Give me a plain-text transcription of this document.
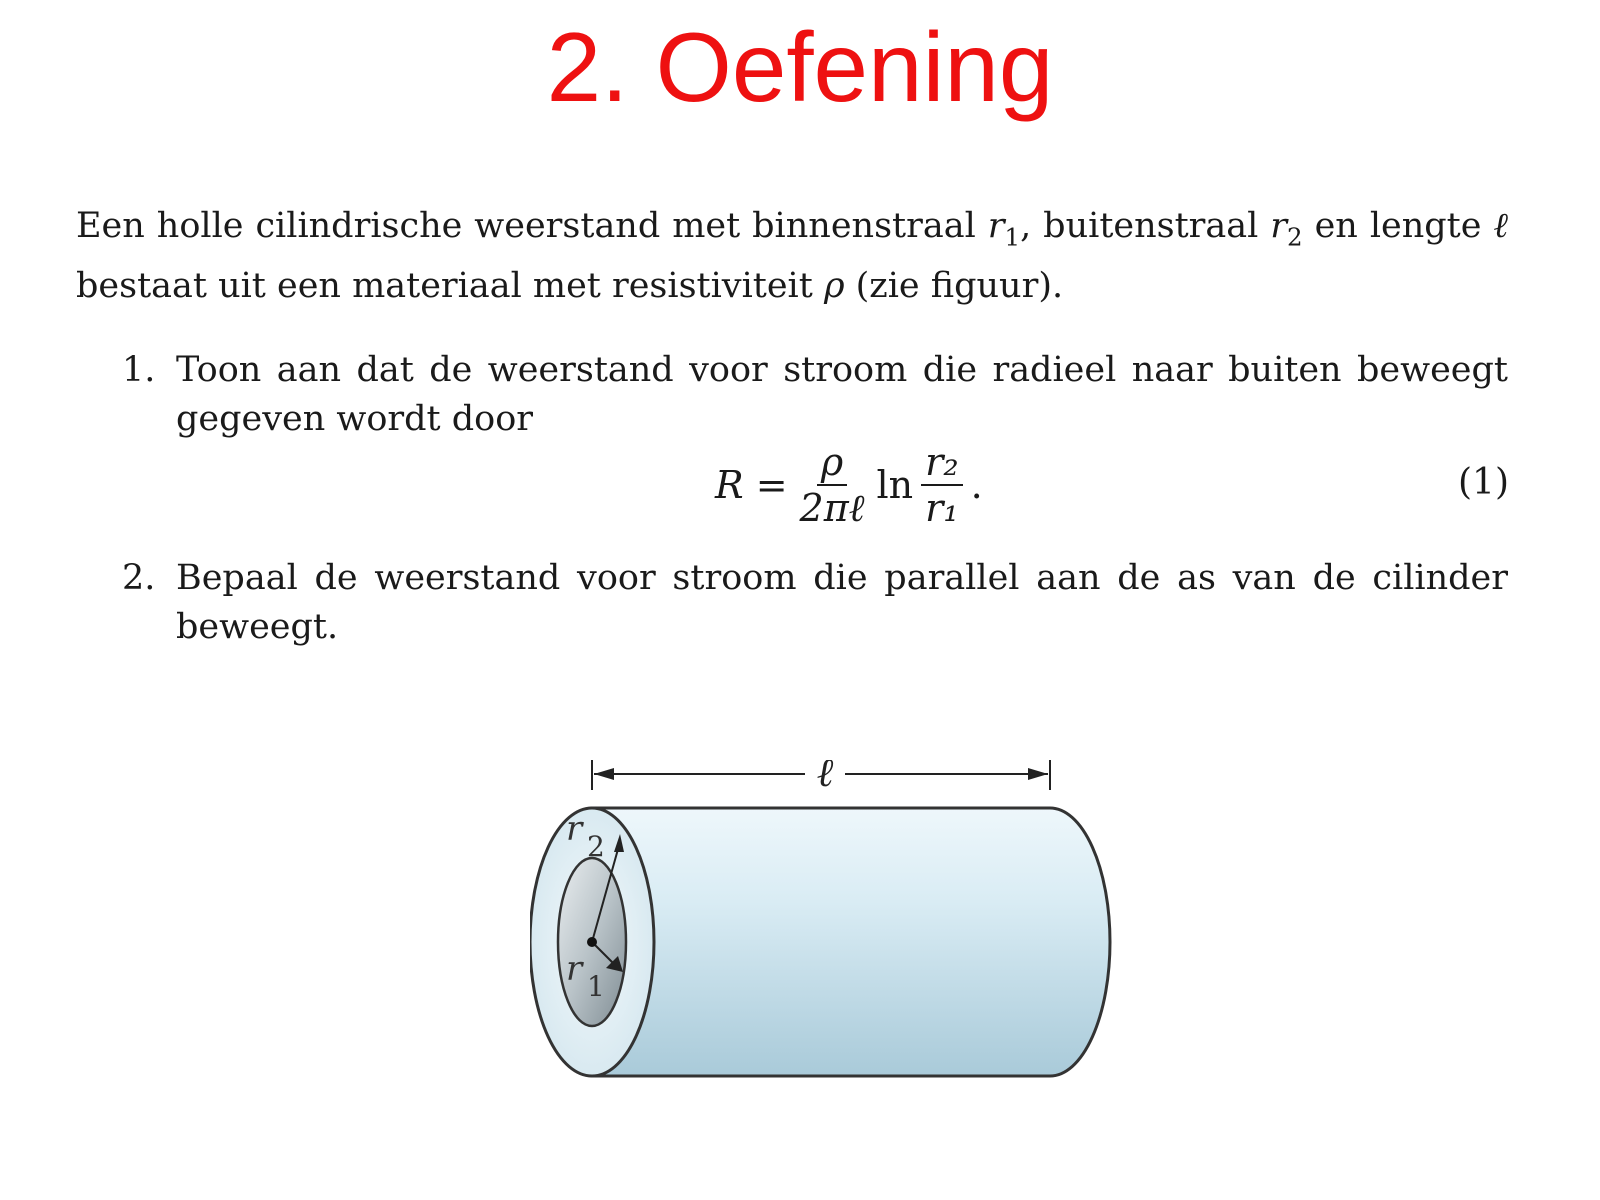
2. Oefening

Een holle cilindrische weerstand met binnenstraal $r_1$, buitenstraal $r_2$ en lengte ℓ bestaat uit een materiaal met resistiviteit ρ (zie figuur).

1. Toon aan dat de weerstand voor stroom die radieel naar buiten beweegt gegeven wordt door
$R = \frac{\rho}{\text{2πℓ}}$ $\ln \frac{\text{r₂}}{\text{r₁}}$ .	(1)
2. Bepaal de weerstand voor stroom die parallel aan de as van de cilinder beweegt.
ℓ
r 2
r 1
